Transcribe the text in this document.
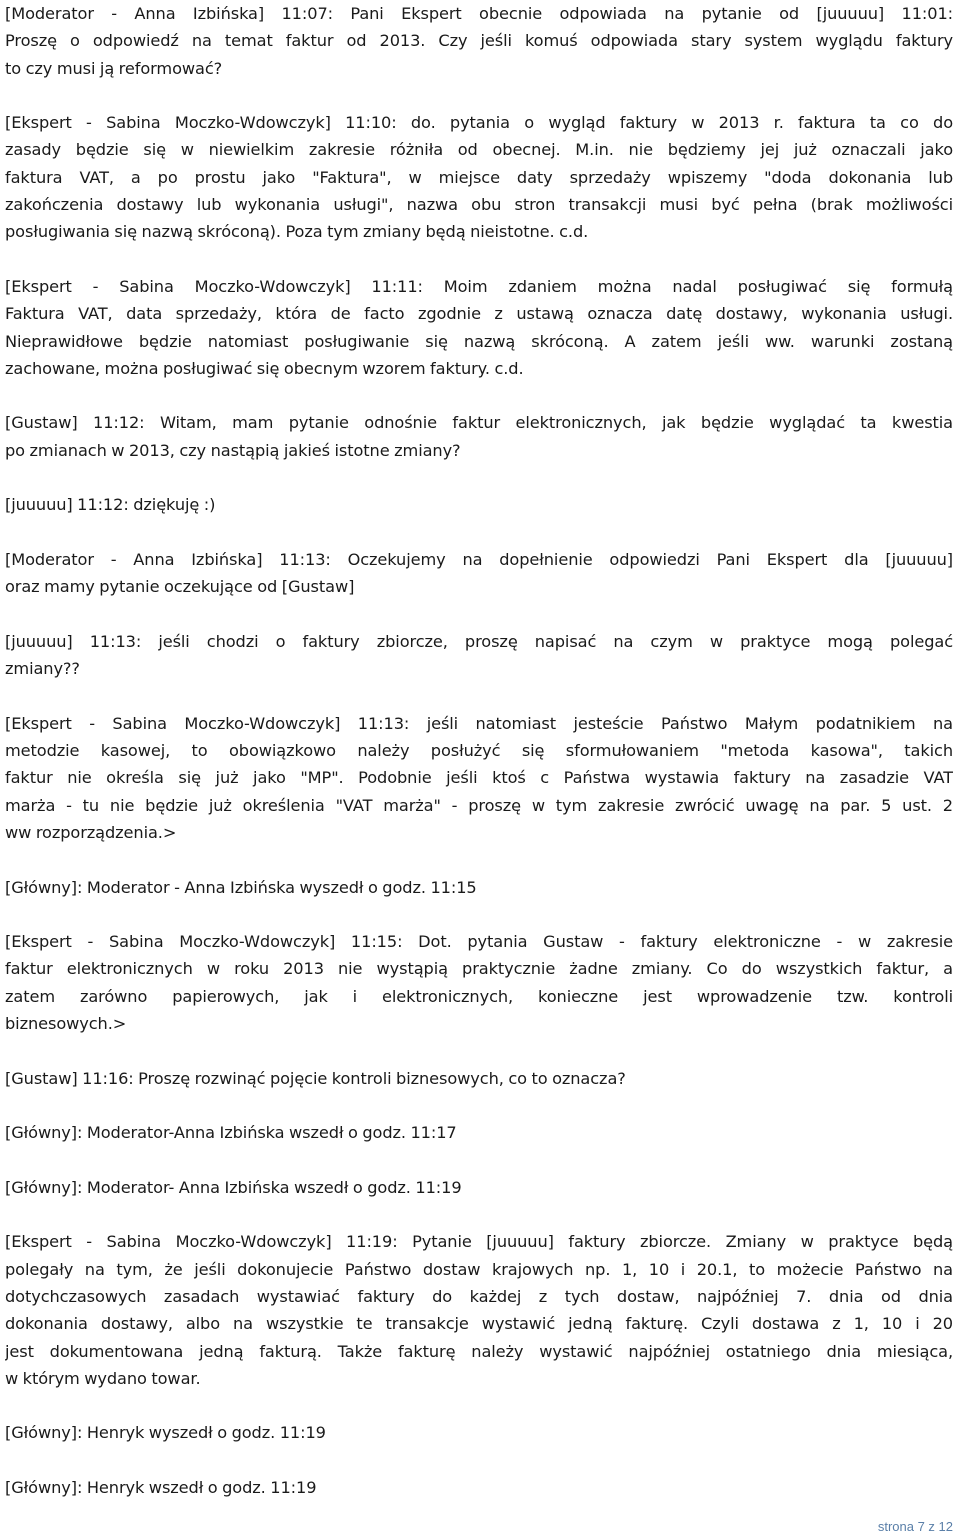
[Moderator - Anna Izbińska] 11:07: Pani Ekspert obecnie odpowiada na pytanie od [juuuuu] 11:01:
Proszę o odpowiedź na temat faktur od 2013. Czy jeśli komuś odpowiada stary system wyglądu faktury
to czy musi ją reformować?

[Ekspert - Sabina Moczko-Wdowczyk] 11:10: do. pytania o wygląd faktury w 2013 r. faktura ta co do
zasady będzie się w niewielkim zakresie różniła od obecnej. M.in. nie będziemy jej już oznaczali jako
faktura VAT, a po prostu jako "Faktura", w miejsce daty sprzedaży wpiszemy "doda dokonania lub
zakończenia dostawy lub wykonania usługi", nazwa obu stron transakcji musi być pełna (brak możliwości
posługiwania się nazwą skróconą). Poza tym zmiany będą nieistotne. c.d.

[Ekspert - Sabina Moczko-Wdowczyk] 11:11: Moim zdaniem można nadal posługiwać się formułą
Faktura VAT, data sprzedaży, która de facto zgodnie z ustawą oznacza datę dostawy, wykonania usługi.
Nieprawidłowe będzie natomiast posługiwanie się nazwą skróconą. A zatem jeśli ww. warunki zostaną
zachowane, można posługiwać się obecnym wzorem faktury. c.d.

[Gustaw] 11:12: Witam, mam pytanie odnośnie faktur elektronicznych, jak będzie wyglądać ta kwestia
po zmianach w 2013, czy nastąpią jakieś istotne zmiany?

[juuuuu] 11:12: dziękuję :)

[Moderator - Anna Izbińska] 11:13: Oczekujemy na dopełnienie odpowiedzi Pani Ekspert dla [juuuuu]
oraz mamy pytanie oczekujące od [Gustaw]

[juuuuu] 11:13: jeśli chodzi o faktury zbiorcze, proszę napisać na czym w praktyce mogą polegać
zmiany??

[Ekspert - Sabina Moczko-Wdowczyk] 11:13: jeśli natomiast jesteście Państwo Małym podatnikiem na
metodzie kasowej, to obowiązkowo należy posłużyć się sformułowaniem "metoda kasowa", takich
faktur nie określa się już jako "MP". Podobnie jeśli ktoś c Państwa wystawia faktury na zasadzie VAT
marża - tu nie będzie już określenia "VAT marża" - proszę w tym zakresie zwrócić uwagę na par. 5 ust. 2
ww rozporządzenia.>

[Główny]: Moderator - Anna Izbińska wyszedł o godz. 11:15

[Ekspert - Sabina Moczko-Wdowczyk] 11:15: Dot. pytania Gustaw - faktury elektroniczne - w zakresie
faktur elektronicznych w roku 2013 nie wystąpią praktycznie żadne zmiany. Co do wszystkich faktur, a
zatem zarówno papierowych, jak i elektronicznych, konieczne jest wprowadzenie tzw. kontroli
biznesowych.>

[Gustaw] 11:16: Proszę rozwinąć pojęcie kontroli biznesowych, co to oznacza?

[Główny]: Moderator-Anna Izbińska wszedł o godz. 11:17

[Główny]: Moderator- Anna Izbińska wszedł o godz. 11:19

[Ekspert - Sabina Moczko-Wdowczyk] 11:19: Pytanie [juuuuu] faktury zbiorcze. Zmiany w praktyce będą
polegały na tym, że jeśli dokonujecie Państwo dostaw krajowych np. 1, 10 i 20.1, to możecie Państwo na
dotychczasowych zasadach wystawiać faktury do każdej z tych dostaw, najpóźniej 7. dnia od dnia
dokonania dostawy, albo na wszystkie te transakcje wystawić jedną fakturę. Czyli dostawa z 1, 10 i 20
jest dokumentowana jedną fakturą. Także fakturę należy wystawić najpóźniej ostatniego dnia miesiąca,
w którym wydano towar.

[Główny]: Henryk wyszedł o godz. 11:19

[Główny]: Henryk wszedł o godz. 11:19

strona 7 z 12
